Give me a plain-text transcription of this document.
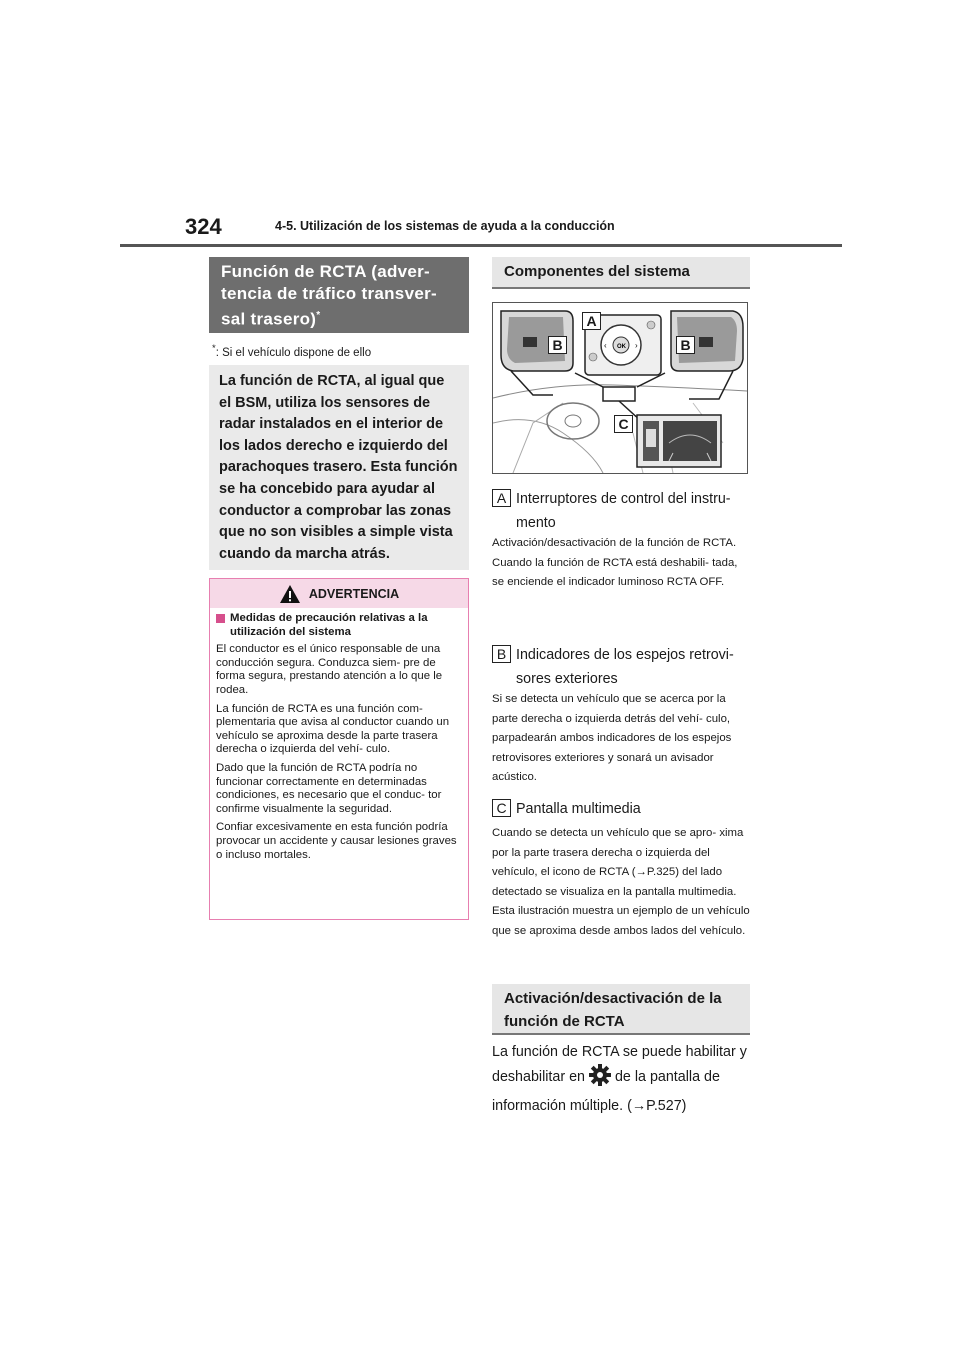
324	4-5. Utilización de los sistemas de ayuda a la conducción
Función de RCTA (adver- tencia de tráfico transver- sal trasero)*
*: Si el vehículo dispone de ello
La función de RCTA, al igual que el BSM, utiliza los sensores de radar instalados en el interior de los lados derecho e izquierdo del parachoques trasero. Esta función se ha concebido para ayudar al conductor a comprobar las zonas que no son visibles a simple vista cuando da marcha atrás.
ADVERTENCIA
Medidas de precaución relativas a la utilización del sistema

El conductor es el único responsable de una conducción segura. Conduzca siem- pre de forma segura, prestando atención a lo que le rodea.

La función de RCTA es una función com- plementaria que avisa al conductor cuando un vehículo se aproxima desde la parte trasera derecha o izquierda del vehí- culo.

Dado que la función de RCTA podría no funcionar correctamente en determinadas condiciones, es necesario que el conduc- tor confirme visualmente la seguridad.

Confiar excesivamente en esta función podría provocar un accidente y causar lesiones graves o incluso mortales.

Componentes del sistema
OK
‹	›
A
B	B
C
A Interruptores de control del instru- mento
Activación/desactivación de la función de RCTA. Cuando la función de RCTA está deshabili- tada, se enciende el indicador luminoso RCTA OFF.
B Indicadores de los espejos retrovi- sores exteriores
Si se detecta un vehículo que se acerca por la parte derecha o izquierda detrás del vehí- culo, parpadearán ambos indicadores de los espejos retrovisores exteriores y sonará un avisador acústico.
C Pantalla multimedia
Cuando se detecta un vehículo que se apro- xima por la parte trasera derecha o izquierda del vehículo, el icono de RCTA (→P.325) del lado detectado se visualiza en la pantalla multimedia. Esta ilustración muestra un ejemplo de un vehículo que se aproxima desde ambos lados del vehículo.
Activación/desactivación de la función de RCTA
La función de RCTA se puede habilitar y deshabilitar en de la pantalla de información múltiple. (→P.527)
